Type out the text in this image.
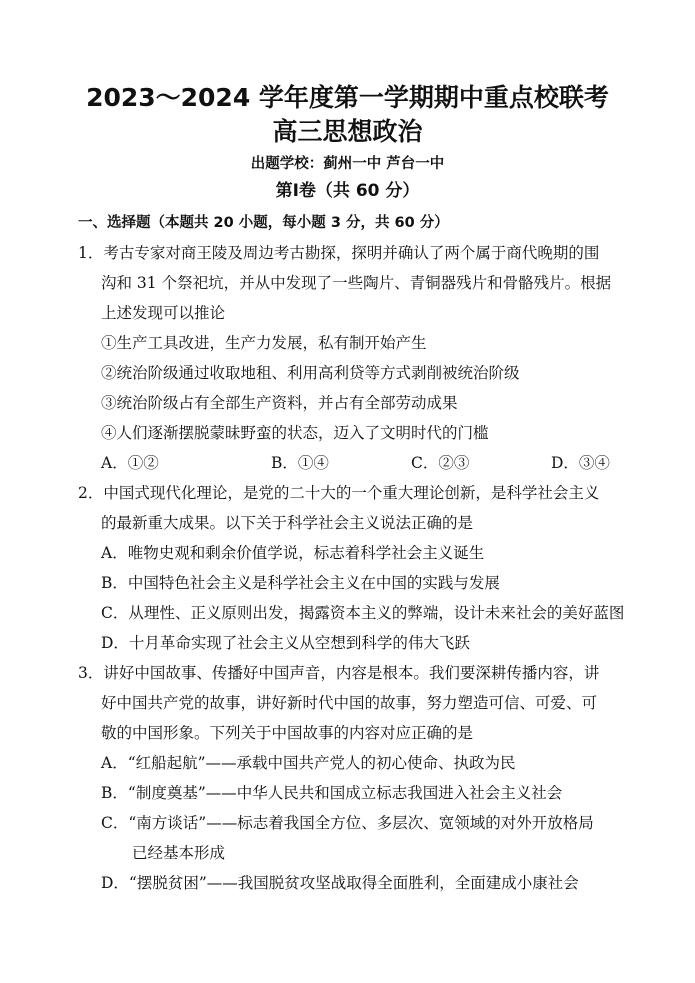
2023～2024 学年度第一学期期中重点校联考
高三思想政治
出题学校：蓟州一中 芦台一中
第Ⅰ卷（共 60 分）
一、选择题（本题共 20 小题，每小题 3 分，共 60 分）
1．考古专家对商王陵及周边考古勘探，探明并确认了两个属于商代晚期的围
沟和 31 个祭祀坑，并从中发现了一些陶片、青铜器残片和骨骼残片。根据
上述发现可以推论
①生产工具改进，生产力发展，私有制开始产生
②统治阶级通过收取地租、利用高利贷等方式剥削被统治阶级
③统治阶级占有全部生产资料，并占有全部劳动成果
④人们逐渐摆脱蒙昧野蛮的状态，迈入了文明时代的门槛
A．①②	B．①④	C．②③	D．③④
2．中国式现代化理论，是党的二十大的一个重大理论创新，是科学社会主义
的最新重大成果。以下关于科学社会主义说法正确的是
A．唯物史观和剩余价值学说，标志着科学社会主义诞生
B．中国特色社会主义是科学社会主义在中国的实践与发展
C．从理性、正义原则出发，揭露资本主义的弊端，设计未来社会的美好蓝图
D．十月革命实现了社会主义从空想到科学的伟大飞跃
3．讲好中国故事、传播好中国声音，内容是根本。我们要深耕传播内容，讲
好中国共产党的故事，讲好新时代中国的故事，努力塑造可信、可爱、可
敬的中国形象。下列关于中国故事的内容对应正确的是
A．“红船起航”——承载中国共产党人的初心使命、执政为民
B．“制度奠基”——中华人民共和国成立标志我国进入社会主义社会
C．“南方谈话”——标志着我国全方位、多层次、宽领域的对外开放格局
已经基本形成
D．“摆脱贫困”——我国脱贫攻坚战取得全面胜利，全面建成小康社会
